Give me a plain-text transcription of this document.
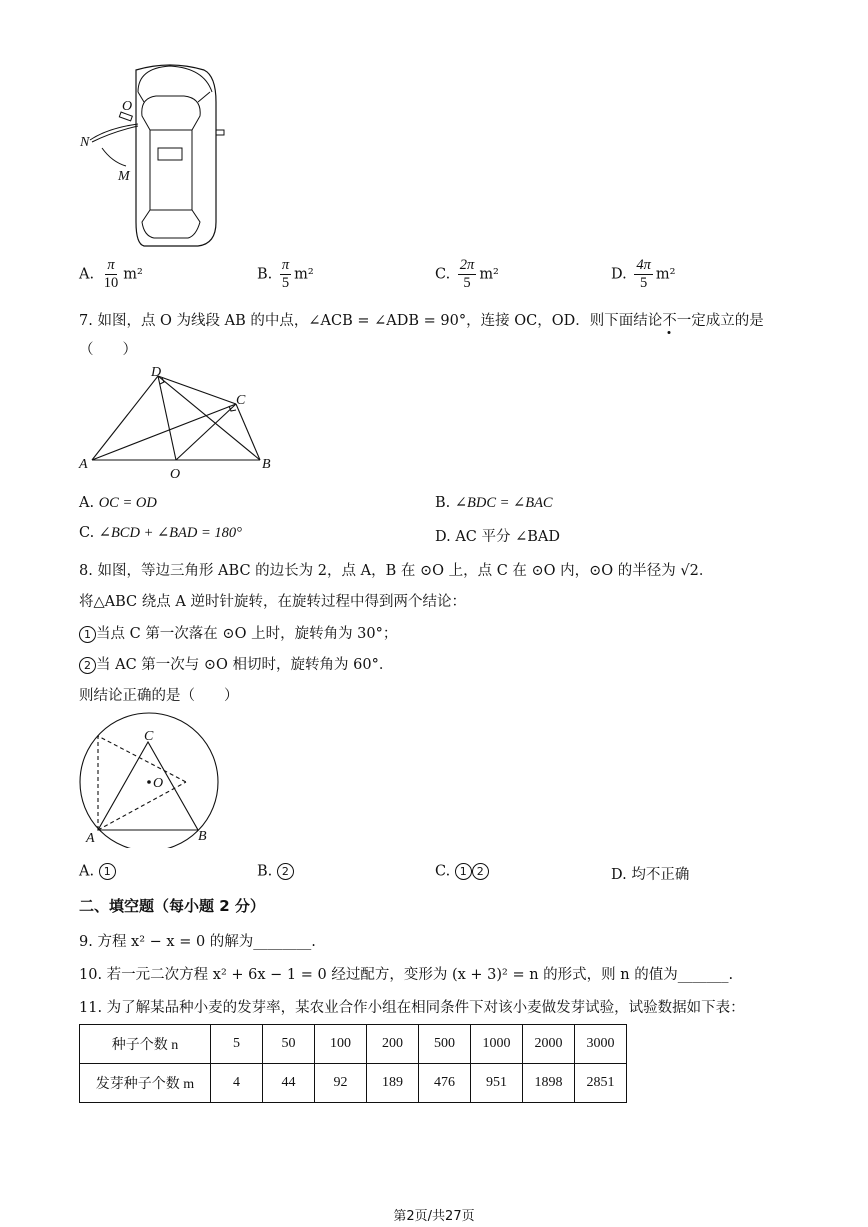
O
N
M
A. $\frac{\pi}{10} m^2$	B. $\frac{\pi}{5} m^2$	C. $\frac{2\pi}{5} m^2$	D. $\frac{4\pi}{5} m^2$
7. 如图，点 O 为线段 AB 的中点，∠ACB = ∠ADB = 90°，连接 OC，OD．则下面结论不一定成立的是
（　　）
D
C
A
O
B
A. OC = OD	B. ∠BDC = ∠BAC
C. ∠BCD + ∠BAD = 180°	D. AC 平分 ∠BAD
8. 如图，等边三角形 ABC 的边长为 2，点 A，B 在 ⊙O 上，点 C 在 ⊙O 内，⊙O 的半径为 √2．
将△ABC 绕点 A 逆时针旋转，在旋转过程中得到两个结论：
1 当点 C 第一次落在 ⊙O 上时，旋转角为 30°；
2 当 AC 第一次与 ⊙O 相切时，旋转角为 60°．
则结论正确的是（　　）
C
O
A	B
A. 1	B. 2	C. 1 2	D. 均不正确
二、填空题（每小题 2 分）
9. 方程 x² − x = 0 的解为________.
10. 若一元二次方程 x² + 6x − 1 = 0 经过配方，变形为 (x + 3)² = n 的形式，则 n 的值为_______.
11. 为了解某品种小麦的发芽率，某农业合作小组在相同条件下对该小麦做发芽试验，试验数据如下表：
种子个数 n	5	50	100	200	500	1000	2000	3000
发芽种子个数 m	4	44	92	189	476	951	1898	2851
第2页/共27页
